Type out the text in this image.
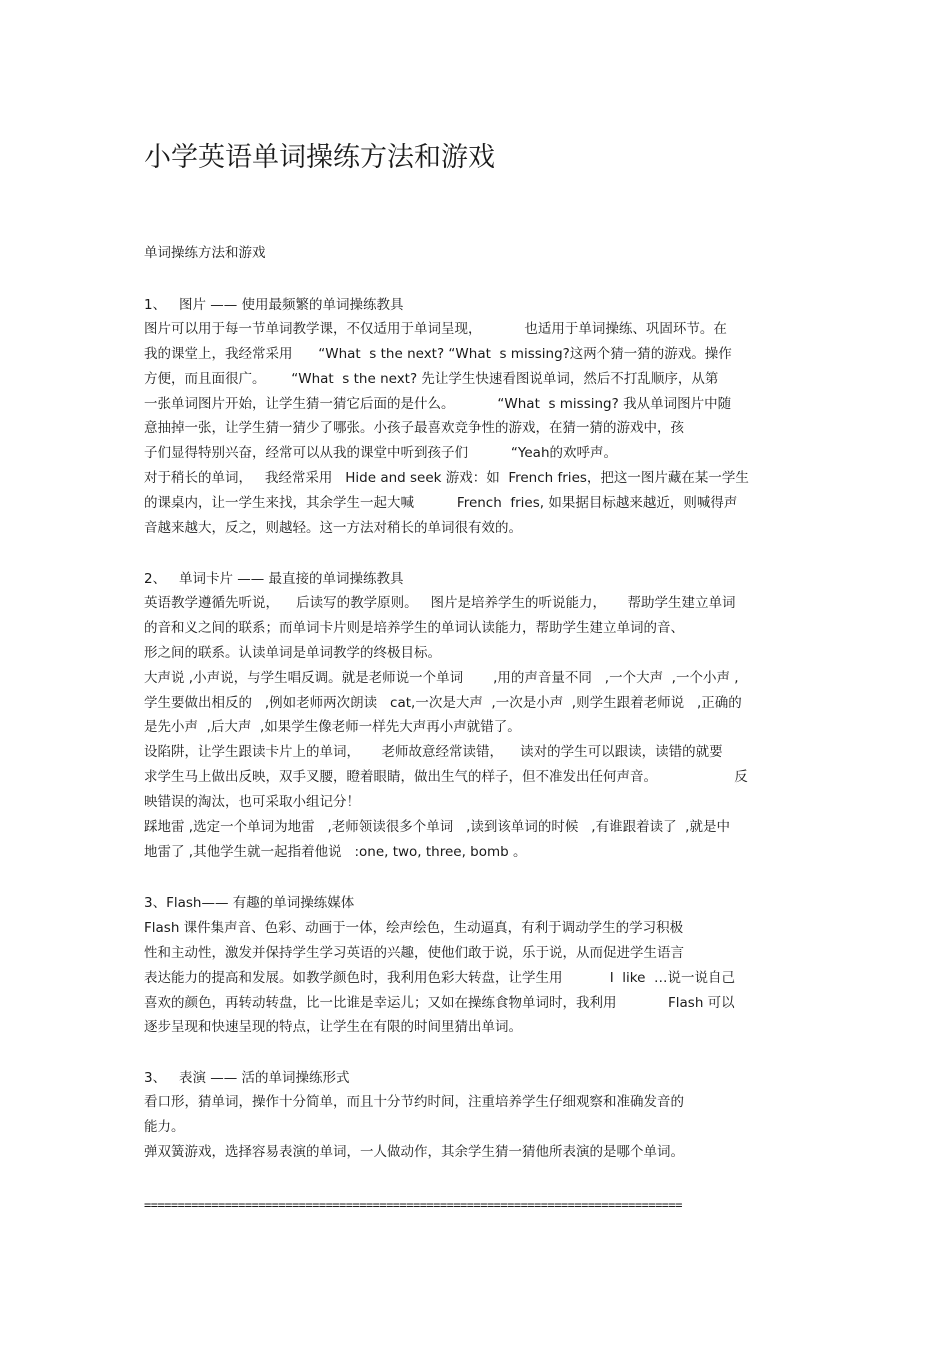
小学英语单词操练方法和游戏
单词操练方法和游戏
1、   图片 —— 使用最频繁的单词操练教具
图片可以用于每一节单词教学课，不仅适用于单词呈现，          也适用于单词操练、巩固环节。在
我的课堂上，我经常采用      “What  s the next? “What  s missing?这两个猜一猜的游戏。操作
方便，而且面很广。      “What  s the next? 先让学生快速看图说单词，然后不打乱顺序，从第
一张单词图片开始，让学生猜一猜它后面的是什么。          “What  s missing? 我从单词图片中随
意抽掉一张，让学生猜一猜少了哪张。小孩子最喜欢竞争性的游戏，在猜一猜的游戏中，孩
子们显得特别兴奋，经常可以从我的课堂中听到孩子们          “Yeah的欢呼声。
对于稍长的单词，   我经常采用   Hide and seek 游戏：如  French fries，把这一图片藏在某一学生
的课桌内，让一学生来找，其余学生一起大喊          French  fries, 如果据目标越来越近，则喊得声
音越来越大，反之，则越轻。这一方法对稍长的单词很有效的。
2、   单词卡片 —— 最直接的单词操练教具
英语教学遵循先听说，    后读写的教学原则。   图片是培养学生的听说能力，     帮助学生建立单词
的音和义之间的联系；而单词卡片则是培养学生的单词认读能力，帮助学生建立单词的音、
形之间的联系。认读单词是单词教学的终极目标。
大声说 ,小声说，与学生唱反调。就是老师说一个单词       ,用的声音量不同   ,一个大声  ,一个小声 ,
学生要做出相反的   ,例如老师两次朗读   cat,一次是大声  ,一次是小声  ,则学生跟着老师说   ,正确的
是先小声  ,后大声  ,如果学生像老师一样先大声再小声就错了。
设陷阱，让学生跟读卡片上的单词，     老师故意经常读错，    读对的学生可以跟读，读错的就要
求学生马上做出反映，双手叉腰，瞪着眼睛，做出生气的样子，但不准发出任何声音。                  反
映错误的淘汰，也可采取小组记分！
踩地雷 ,选定一个单词为地雷   ,老师领读很多个单词   ,读到该单词的时候   ,有谁跟着读了  ,就是中
地雷了 ,其他学生就一起指着他说   :one, two, three, bomb 。
3、Flash—— 有趣的单词操练媒体
Flash 课件集声音、色彩、动画于一体，绘声绘色，生动逼真，有利于调动学生的学习积极
性和主动性，激发并保持学生学习英语的兴趣，使他们敢于说，乐于说，从而促进学生语言
表达能力的提高和发展。如教学颜色时，我利用色彩大转盘，让学生用           I  like  …说一说自己
喜欢的颜色，再转动转盘，比一比谁是幸运儿；又如在操练食物单词时，我利用            Flash 可以
逐步呈现和快速呈现的特点，让学生在有限的时间里猜出单词。
3、   表演 —— 活的单词操练形式
看口形，猜单词，操作十分简单，而且十分节约时间，注重培养学生仔细观察和准确发音的
能力。
弹双簧游戏，选择容易表演的单词，一人做动作，其余学生猜一猜他所表演的是哪个单词。
================================================================================
